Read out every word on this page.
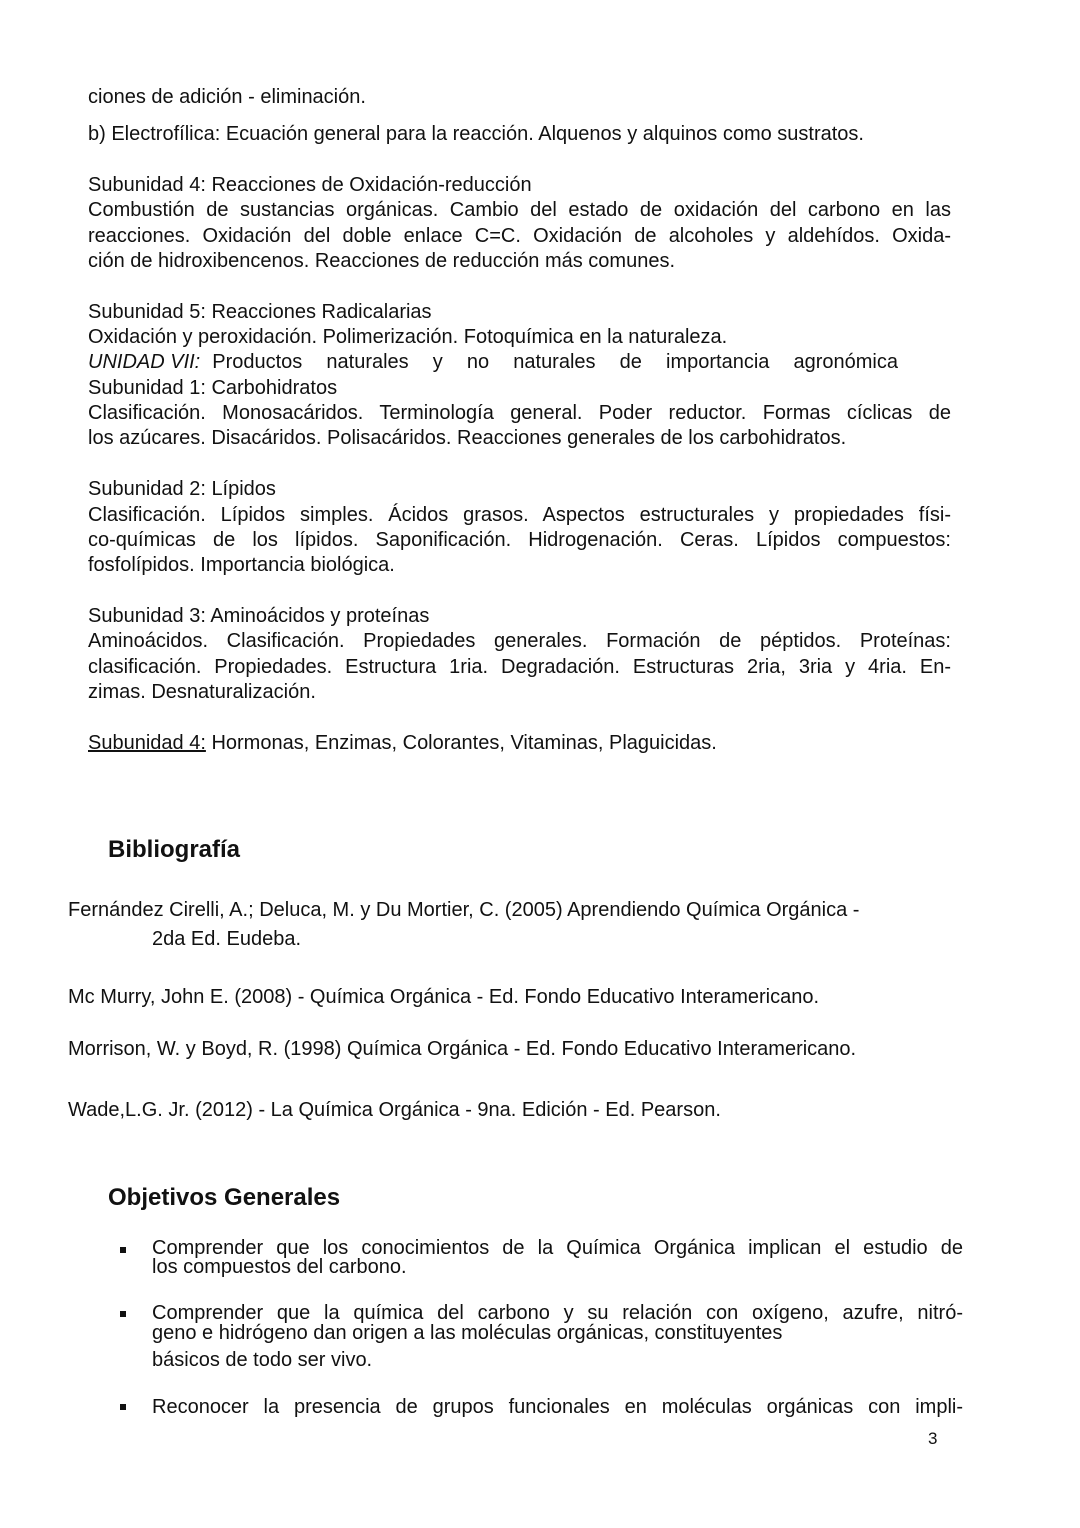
ciones de adición - eliminación.
b) Electrofílica: Ecuación general para la reacción. Alquenos y alquinos como sustratos.
Subunidad 4: Reacciones de Oxidación-reducción
Combustión de sustancias orgánicas. Cambio del estado de oxidación del carbono en las
reacciones. Oxidación del doble enlace C=C. Oxidación de alcoholes y aldehídos. Oxida-
ción de hidroxibencenos. Reacciones de reducción más comunes.
Subunidad 5: Reacciones Radicalarias
Oxidación y peroxidación. Polimerización. Fotoquímica en la naturaleza.
UNIDAD VII: Productos naturales y no naturales de importancia agronómica
Subunidad 1: Carbohidratos
Clasificación. Monosacáridos. Terminología general. Poder reductor. Formas cíclicas de
los azúcares. Disacáridos. Polisacáridos. Reacciones generales de los carbohidratos.
Subunidad 2: Lípidos
Clasificación. Lípidos simples. Ácidos grasos. Aspectos estructurales y propiedades físi-
co-químicas de los lípidos. Saponificación. Hidrogenación. Ceras. Lípidos compuestos:
fosfolípidos. Importancia biológica.
Subunidad 3: Aminoácidos y proteínas
Aminoácidos. Clasificación. Propiedades generales. Formación de péptidos. Proteínas:
clasificación. Propiedades. Estructura 1ria. Degradación. Estructuras 2ria, 3ria y 4ria. En-
zimas. Desnaturalización.
Subunidad 4: Hormonas, Enzimas, Colorantes, Vitaminas, Plaguicidas.
Bibliografía
Fernández Cirelli, A.; Deluca, M. y Du Mortier, C. (2005) Aprendiendo Química Orgánica -
2da Ed. Eudeba.
Mc Murry, John E. (2008) - Química Orgánica - Ed. Fondo Educativo Interamericano.
Morrison, W. y Boyd, R. (1998) Química Orgánica - Ed. Fondo Educativo Interamericano.
Wade,L.G. Jr. (2012) - La Química Orgánica - 9na. Edición - Ed. Pearson.
Objetivos Generales
Comprender que los conocimientos de la Química Orgánica implican el estudio de
los compuestos del carbono.
Comprender que la química del carbono y su relación con oxígeno, azufre, nitró-
geno e hidrógeno dan origen a las moléculas orgánicas, constituyentes
básicos de todo ser vivo.
Reconocer la presencia de grupos funcionales en moléculas orgánicas con impli-
3
